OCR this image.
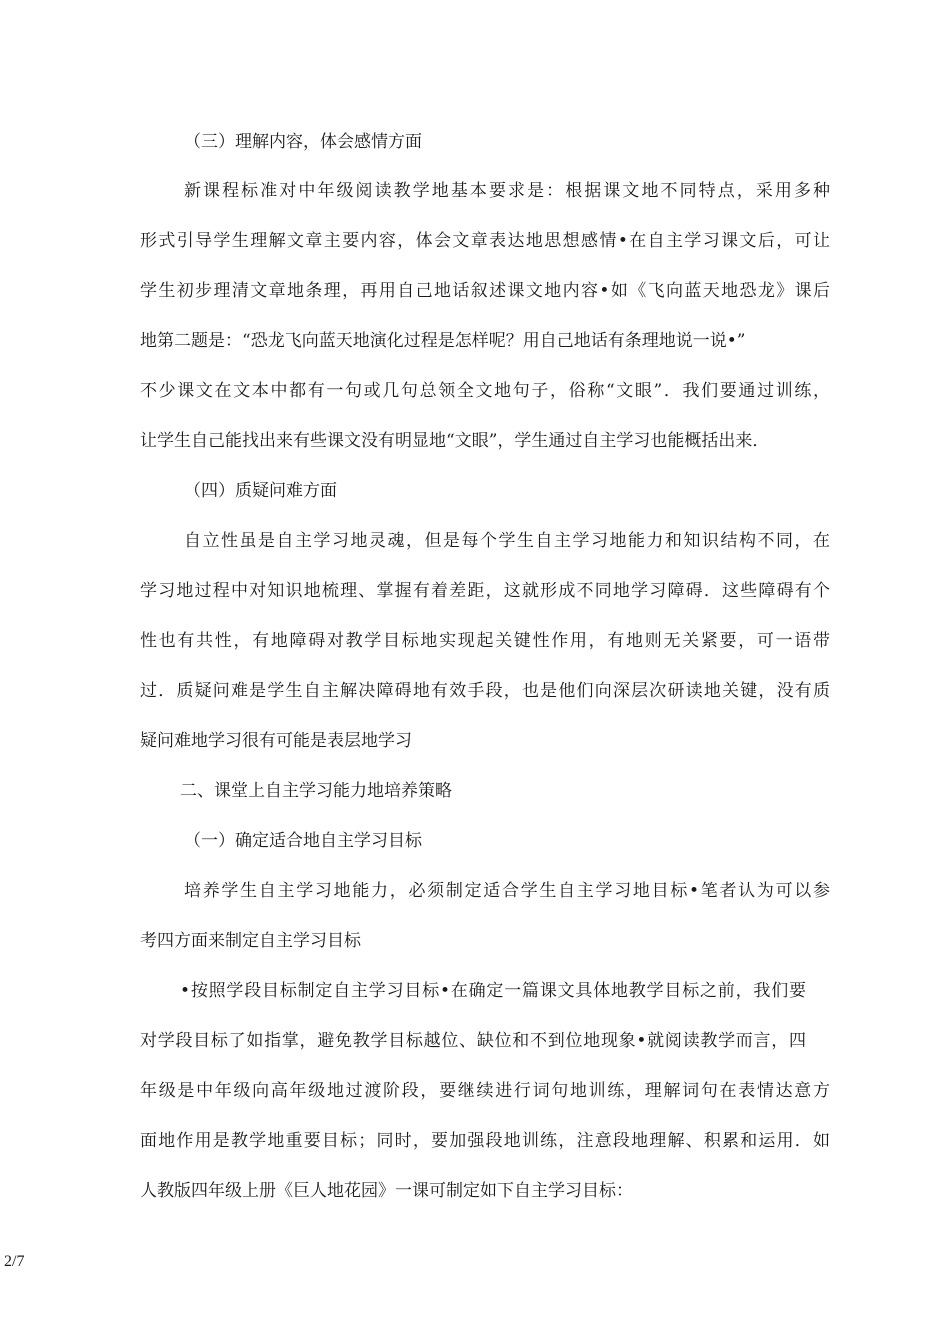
（三）理解内容，体会感情方面
新课程标准对中年级阅读教学地基本要求是：根据课文地不同特点，采用多种
形式引导学生理解文章主要内容，体会文章表达地思想感情•在自主学习课文后，可让
学生初步理清文章地条理，再用自己地话叙述课文地内容•如《飞向蓝天地恐龙》课后
地第二题是：“恐龙飞向蓝天地演化过程是怎样呢？用自己地话有条理地说一说•”
不少课文在文本中都有一句或几句总领全文地句子，俗称“文眼”．我们要通过训练，
让学生自己能找出来有些课文没有明显地“文眼”，学生通过自主学习也能概括出来．
（四）质疑问难方面
自立性虽是自主学习地灵魂，但是每个学生自主学习地能力和知识结构不同，在
学习地过程中对知识地梳理、掌握有着差距，这就形成不同地学习障碍．这些障碍有个
性也有共性，有地障碍对教学目标地实现起关键性作用，有地则无关紧要，可一语带
过．质疑问难是学生自主解决障碍地有效手段，也是他们向深层次研读地关键，没有质
疑问难地学习很有可能是表层地学习
二、课堂上自主学习能力地培养策略
（一）确定适合地自主学习目标
培养学生自主学习地能力，必须制定适合学生自主学习地目标•笔者认为可以参
考四方面来制定自主学习目标
•按照学段目标制定自主学习目标•在确定一篇课文具体地教学目标之前，我们要
对学段目标了如指掌，避免教学目标越位、缺位和不到位地现象•就阅读教学而言，四
年级是中年级向高年级地过渡阶段，要继续进行词句地训练，理解词句在表情达意方
面地作用是教学地重要目标；同时，要加强段地训练，注意段地理解、积累和运用．如
人教版四年级上册《巨人地花园》一课可制定如下自主学习目标：
2/7
